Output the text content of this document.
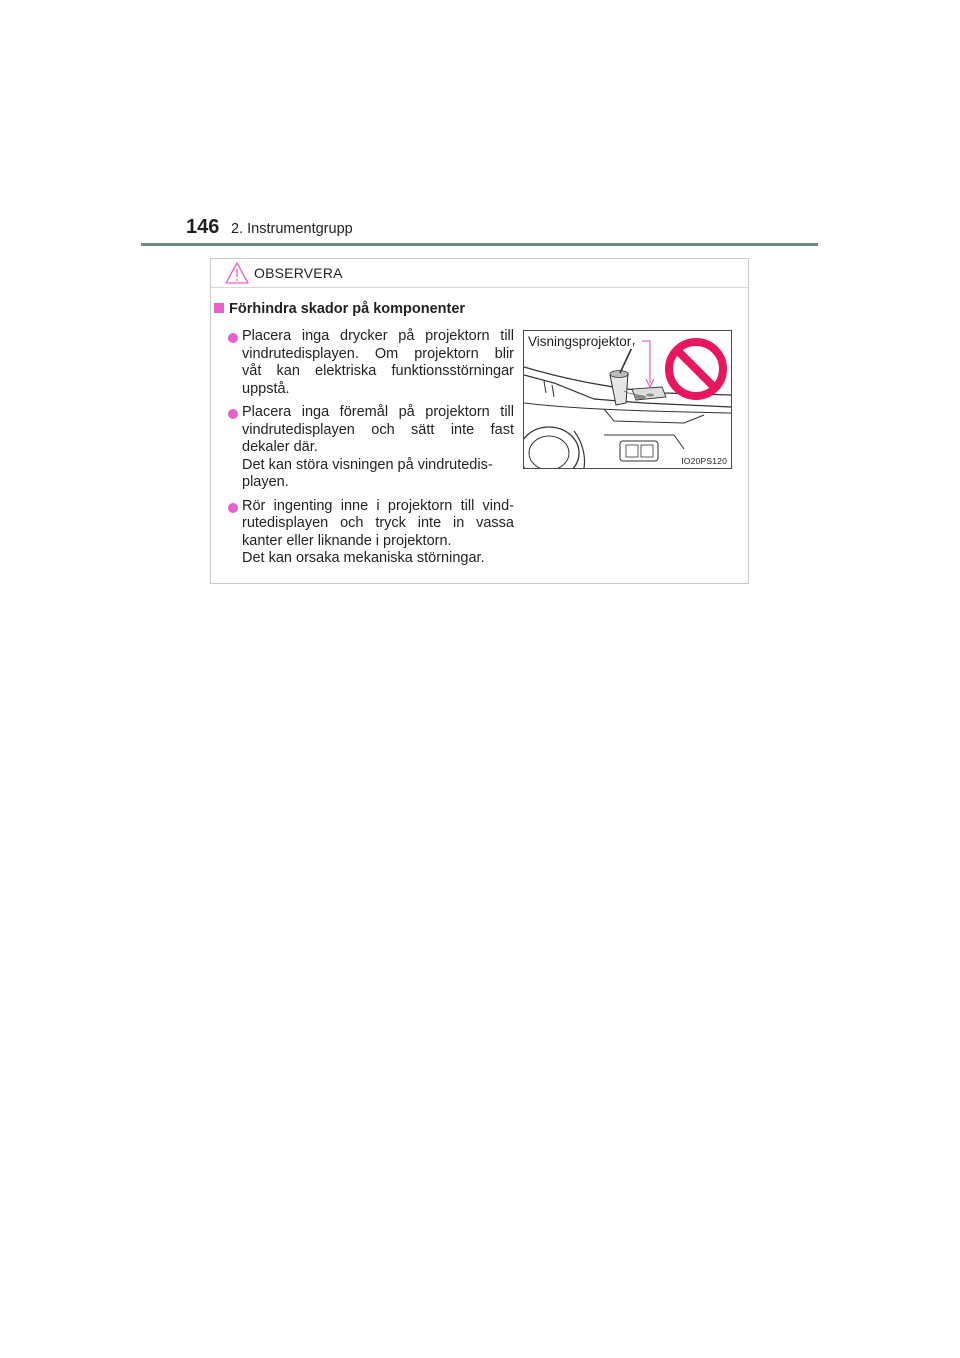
146 2. Instrumentgrupp
OBSERVERA
Förhindra skador på komponenter
Placera inga drycker på projektorn till
vindrutedisplayen. Om projektorn blir
våt kan elektriska funktionsstörningar
uppstå.
Placera inga föremål på projektorn till
vindrutedisplayen och sätt inte fast
dekaler där.
Det kan störa visningen på vindrutedis-
playen.
Rör ingenting inne i projektorn till vind-
rutedisplayen och tryck inte in vassa
kanter eller liknande i projektorn.
Det kan orsaka mekaniska störningar.
Visningsprojektor
IO20PS120
